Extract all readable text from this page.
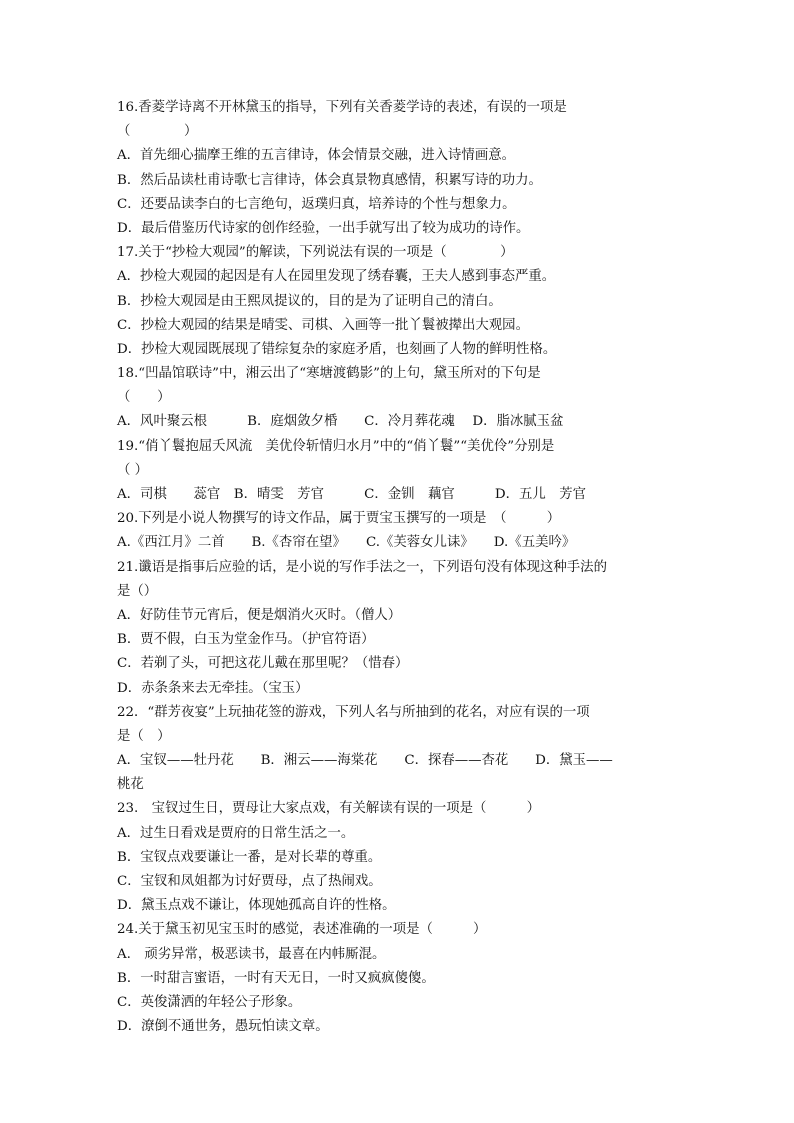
16.香菱学诗离不开林黛玉的指导，下列有关香菱学诗的表述，有误的一项是
（　　　　）
A．首先细心揣摩王维的五言律诗，体会情景交融，进入诗情画意。
B．然后品读杜甫诗歌七言律诗，体会真景物真感情，积累写诗的功力。
C．还要品读李白的七言绝句，返璞归真，培养诗的个性与想象力。
D．最后借鉴历代诗家的创作经验，一出手就写出了较为成功的诗作。
17.关于“抄检大观园”的解读，下列说法有误的一项是（　　　　）
A．抄检大观园的起因是有人在园里发现了绣春囊，王夫人感到事态严重。
B．抄检大观园是由王熙凤提议的，目的是为了证明自己的清白。
C．抄检大观园的结果是晴雯、司棋、入画等一批丫鬟被撵出大观园。
D．抄检大观园既展现了错综复杂的家庭矛盾，也刻画了人物的鲜明性格。
18.“凹晶馆联诗”中，湘云出了“寒塘渡鹤影”的上句，黛玉所对的下句是
（　　）
A．风叶聚云根　　　B．庭烟敛夕棔　　C．冷月葬花魂　 D．脂冰腻玉盆
19.“俏丫鬟抱屈夭风流　美优伶斩情归水月”中的“俏丫鬟”“美优伶”分别是
（ ）
A．司棋　　蕊官　B．晴雯　芳官　　　C．金钏　藕官　　　D．五儿　芳官
20.下列是小说人物撰写的诗文作品，属于贾宝玉撰写的一项是　（　　　）
A.《西江月》二首　　B.《杏帘在望》　　C.《芙蓉女儿诔》　　D.《五美吟》
21.谶语是指事后应验的话，是小说的写作手法之一，下列语句没有体现这种手法的
是（）
A．好防佳节元宵后，便是烟消火灭时。（僧人）
B．贾不假，白玉为堂金作马。（护官符语）
C．若剃了头，可把这花儿戴在那里呢？（惜春）
D．赤条条来去无牵挂。（宝玉）
22．“群芳夜宴”上玩抽花签的游戏，下列人名与所抽到的花名，对应有误的一项
是（　）
A．宝钗——牡丹花　　B．湘云——海棠花　　C．探春——杏花　　D．黛玉——
桃花
23.　宝钗过生日，贾母让大家点戏，有关解读有误的一项是（　　　）
A．过生日看戏是贾府的日常生活之一。
B．宝钗点戏要谦让一番，是对长辈的尊重。
C．宝钗和凤姐都为讨好贾母，点了热闹戏。
D．黛玉点戏不谦让，体现她孤高自许的性格。
24.关于黛玉初见宝玉时的感觉，表述准确的一项是（　　　）
A.　顽劣异常，极恶读书，最喜在内帏厮混。
B．一时甜言蜜语，一时有天无日，一时又疯疯傻傻。
C．英俊潇洒的年轻公子形象。
D．潦倒不通世务，愚玩怕读文章。
